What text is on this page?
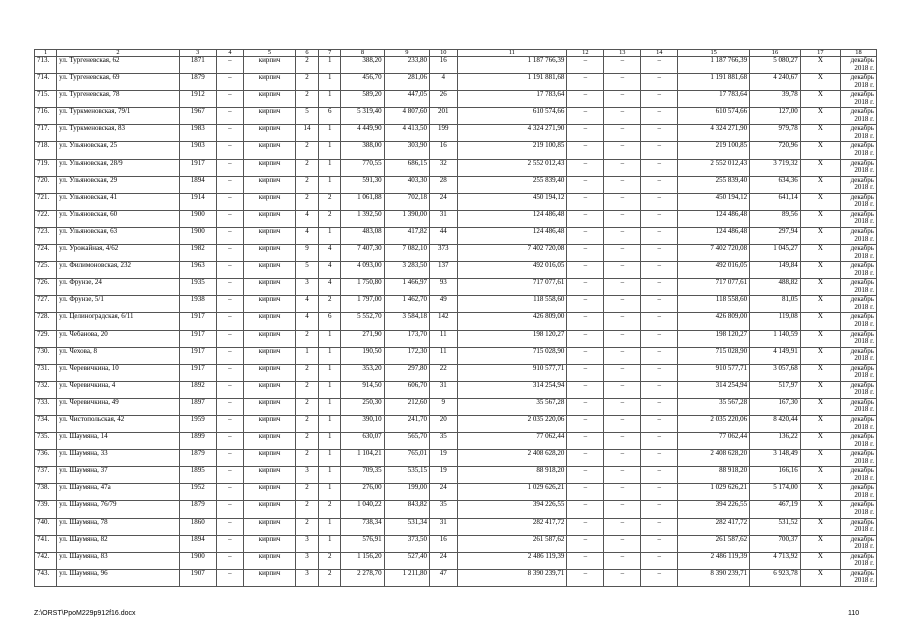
1	2	3	4	5	6	7	8	9	10	11	12	13	14	15	16	17	18
713.	ул. Тургеневская, 62	1871	–	кирпич	2	1	388,20	233,80	16	1 187 766,39	–	–	–	1 187 766,39	5 080,27	X	декабрь 2018 г.
714.	ул. Тургеневская, 69	1879	–	кирпич	2	1	456,70	281,06	4	1 191 881,68	–	–	–	1 191 881,68	4 240,67	X	декабрь 2018 г.
715.	ул. Тургеневская, 78	1912	–	кирпич	2	1	589,20	447,05	26	17 783,64	–	–	–	17 783,64	39,78	X	декабрь 2018 г.
716.	ул. Туркменовская, 79/1	1967	–	кирпич	5	6	5 319,40	4 807,60	201	610 574,66	–	–	–	610 574,66	127,00	X	декабрь 2018 г.
717.	ул. Туркменовская, 83	1983	–	кирпич	14	1	4 449,90	4 413,50	199	4 324 271,90	–	–	–	4 324 271,90	979,78	X	декабрь 2018 г.
718.	ул. Ульяновская, 25	1903	–	кирпич	2	1	388,00	303,90	16	219 100,85	–	–	–	219 100,85	720,96	X	декабрь 2018 г.
719.	ул. Ульяновская, 28/9	1917	–	кирпич	2	1	770,55	686,15	32	2 552 012,43	–	–	–	2 552 012,43	3 719,32	X	декабрь 2018 г.
720.	ул. Ульяновская, 29	1894	–	кирпич	2	1	591,30	403,30	28	255 839,40	–	–	–	255 839,40	634,36	X	декабрь 2018 г.
721.	ул. Ульяновская, 41	1914	–	кирпич	2	2	1 061,88	702,18	24	450 194,12	–	–	–	450 194,12	641,14	X	декабрь 2018 г.
722.	ул. Ульяновская, 60	1900	–	кирпич	4	2	1 392,50	1 390,00	31	124 486,48	–	–	–	124 486,48	89,56	X	декабрь 2018 г.
723.	ул. Ульяновская, 63	1900	–	кирпич	4	1	483,08	417,82	44	124 486,48	–	–	–	124 486,48	297,94	X	декабрь 2018 г.
724.	ул. Урожайная, 4/62	1982	–	кирпич	9	4	7 407,30	7 082,10	373	7 402 720,08	–	–	–	7 402 720,08	1 045,27	X	декабрь 2018 г.
725.	ул. Филимоновская, 232	1963	–	кирпич	5	4	4 093,00	3 283,50	137	492 016,05	–	–	–	492 016,05	149,84	X	декабрь 2018 г.
726.	ул. Фрунзе, 24	1935	–	кирпич	3	4	1 750,80	1 466,97	93	717 077,61	–	–	–	717 077,61	488,82	X	декабрь 2018 г.
727.	ул. Фрунзе, 5/1	1938	–	кирпич	4	2	1 797,00	1 462,70	49	118 558,60	–	–	–	118 558,60	81,05	X	декабрь 2018 г.
728.	ул. Целиноградская, 6/11	1917	–	кирпич	4	6	5 552,70	3 584,18	142	426 809,00	–	–	–	426 809,00	119,08	X	декабрь 2018 г.
729.	ул. Чебанова, 20	1917	–	кирпич	2	1	271,90	173,70	11	198 120,27	–	–	–	198 120,27	1 140,59	X	декабрь 2018 г.
730.	ул. Чехова, 8	1917	–	кирпич	1	1	190,50	172,30	11	715 028,90	–	–	–	715 028,90	4 149,91	X	декабрь 2018 г.
731.	ул. Черевичкина, 10	1917	–	кирпич	2	1	353,20	297,80	22	910 577,71	–	–	–	910 577,71	3 057,68	X	декабрь 2018 г.
732.	ул. Черевичкина, 4	1892	–	кирпич	2	1	914,50	606,70	31	314 254,94	–	–	–	314 254,94	517,97	X	декабрь 2018 г.
733.	ул. Черевичкина, 49	1897	–	кирпич	2	1	250,30	212,60	9	35 567,28	–	–	–	35 567,28	167,30	X	декабрь 2018 г.
734.	ул. Чистопольская, 42	1959	–	кирпич	2	1	390,10	241,70	20	2 035 220,06	–	–	–	2 035 220,06	8 420,44	X	декабрь 2018 г.
735.	ул. Шаумяна, 14	1899	–	кирпич	2	1	630,07	565,70	35	77 062,44	–	–	–	77 062,44	136,22	X	декабрь 2018 г.
736.	ул. Шаумяна, 33	1879	–	кирпич	2	1	1 104,21	765,01	19	2 408 628,20	–	–	–	2 408 628,20	3 148,49	X	декабрь 2018 г.
737.	ул. Шаумяна, 37	1895	–	кирпич	3	1	709,35	535,15	19	88 918,20	–	–	–	88 918,20	166,16	X	декабрь 2018 г.
738.	ул. Шаумяна, 47а	1952	–	кирпич	2	1	276,00	199,00	24	1 029 626,21	–	–	–	1 029 626,21	5 174,00	X	декабрь 2018 г.
739.	ул. Шаумяна, 76/79	1879	–	кирпич	2	2	1 040,22	843,82	35	394 226,55	–	–	–	394 226,55	467,19	X	декабрь 2018 г.
740.	ул. Шаумяна, 78	1860	–	кирпич	2	1	738,34	531,34	31	282 417,72	–	–	–	282 417,72	531,52	X	декабрь 2018 г.
741.	ул. Шаумяна, 82	1894	–	кирпич	3	1	576,91	373,50	16	261 587,62	–	–	–	261 587,62	700,37	X	декабрь 2018 г.
742.	ул. Шаумяна, 83	1900	–	кирпич	3	2	1 156,20	527,40	24	2 486 119,39	–	–	–	2 486 119,39	4 713,92	X	декабрь 2018 г.
743.	ул. Шаумяна, 96	1907	–	кирпич	3	2	2 278,70	1 211,80	47	8 390 239,71	–	–	–	8 390 239,71	6 923,78	X	декабрь 2018 г.
Z:\ORST\PpoM229p912f16.docx	110
